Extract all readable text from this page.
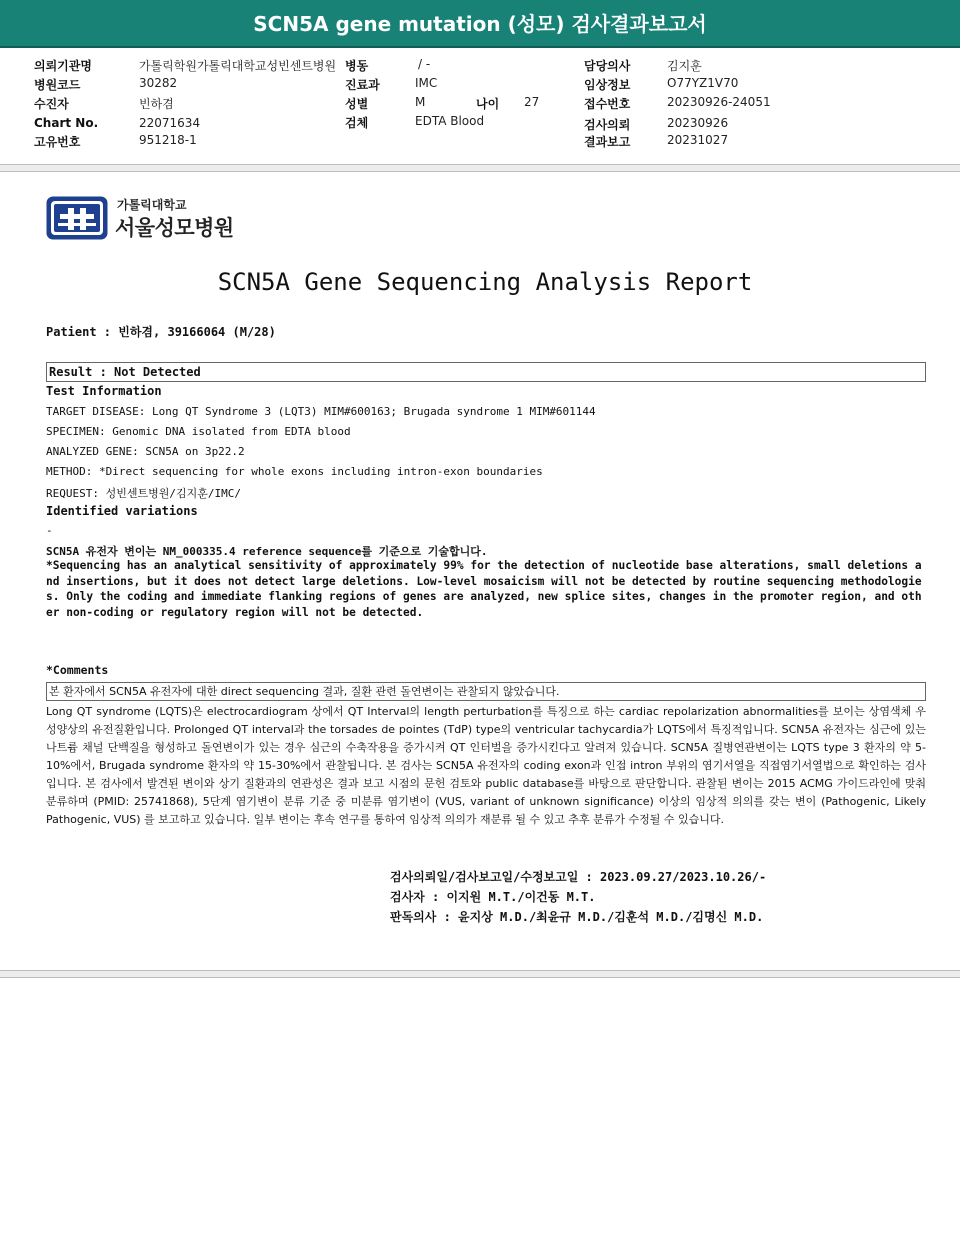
SCN5A gene mutation (성모) 검사결과보고서
의뢰기관명	가톨릭학원가톨릭대학교성빈센트병원
병원코드	30282
수진자	빈하겸
Chart No.	22071634
고유번호	951218-1
병동	/ -
진료과	IMC
성별	M	나이 27
검체	EDTA Blood
담당의사	김지훈
임상정보	O77YZ1V70
접수번호	20230926-24051
검사의뢰	20230926
결과보고	20231027
가톨릭대학교
서울성모병원
SCN5A Gene Sequencing Analysis Report
Patient : 빈하겸, 39166064 (M/28)
Result : Not Detected
Test Information
TARGET DISEASE: Long QT Syndrome 3 (LQT3) MIM#600163; Brugada syndrome 1 MIM#601144
SPECIMEN: Genomic DNA isolated from EDTA blood
ANALYZED GENE: SCN5A on 3p22.2
METHOD: *Direct sequencing for whole exons including intron-exon boundaries
REQUEST: 성빈센트병원/김지훈/IMC/
Identified variations
-
SCN5A 유전자 변이는 NM_000335.4 reference sequence를 기준으로 기술합니다.
*Sequencing has an analytical sensitivity of approximately 99% for the detection of nucleotide base alterations, small deletions and insertions, but it does not detect large deletions. Low-level mosaicism will not be detected by routine sequencing methodologies. Only the coding and immediate flanking regions of genes are analyzed, new splice sites, changes in the promoter region, and other non-coding or regulatory region will not be detected.
*Comments
본 환자에서 SCN5A 유전자에 대한 direct sequencing 결과, 질환 관련 돌연변이는 관찰되지 않았습니다.
Long QT syndrome (LQTS)은 electrocardiogram 상에서 QT Interval의 length perturbation를 특징으로 하는 cardiac repolarization abnormalities를 보이는 상염색체 우성양상의 유전질환입니다. Prolonged QT interval과 the torsades de pointes (TdP) type의 ventricular tachycardia가 LQTS에서 특징적입니다. SCN5A 유전자는 심근에 있는 나트륨 채널 단백질을 형성하고 돌연변이가 있는 경우 심근의 수축작용을 증가시켜 QT 인터벌을 증가시킨다고 알려져 있습니다. SCN5A 질병연관변이는 LQTS type 3 환자의 약 5-10%에서, Brugada syndrome 환자의 약 15-30%에서 관찰됩니다. 본 검사는 SCN5A 유전자의 coding exon과 인접 intron 부위의 염기서열을 직접염기서열법으로 확인하는 검사입니다. 본 검사에서 발견된 변이와 상기 질환과의 연관성은 결과 보고 시점의 문헌 검토와 public database를 바탕으로 판단합니다. 관찰된 변이는 2015 ACMG 가이드라인에 맞춰 분류하며 (PMID: 25741868), 5단계 염기변이 분류 기준 중 미분류 염기변이 (VUS, variant of unknown significance) 이상의 임상적 의의를 갖는 변이 (Pathogenic, Likely Pathogenic, VUS) 를 보고하고 있습니다. 일부 변이는 후속 연구를 통하여 임상적 의의가 재분류 될 수 있고 추후 분류가 수정될 수 있습니다.
검사의뢰일/검사보고일/수정보고일 : 2023.09.27/2023.10.26/-
검사자 : 이지원 M.T./이건동 M.T.
판독의사 : 윤지상 M.D./최윤규 M.D./김훈석 M.D./김명신 M.D.
